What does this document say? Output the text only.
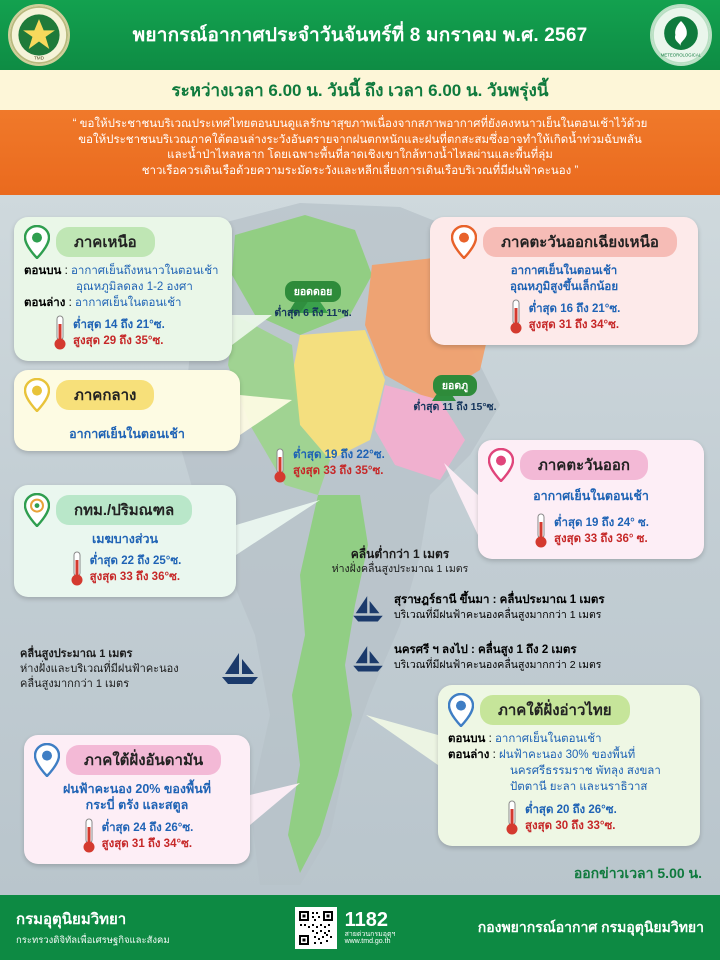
TMD
พยากรณ์อากาศประจำวันจันทร์ที่ 8 มกราคม พ.ศ. 2567
METEOROLOGICAL
ระหว่างเวลา 6.00 น. วันนี้ ถึง เวลา 6.00 น. วันพรุ่งนี้
“ ขอให้ประชาชนบริเวณประเทศไทยตอนบนดูแลรักษาสุขภาพเนื่องจากสภาพอากาศที่ยังคงหนาวเย็นในตอนเช้าไว้ด้วย
ขอให้ประชาชนบริเวณภาคใต้ตอนล่างระวังอันตรายจากฝนตกหนักและฝนที่ตกสะสมซึ่งอาจทำให้เกิดน้ำท่วมฉับพลัน
และน้ำป่าไหลหลาก โดยเฉพาะพื้นที่ลาดเชิงเขาใกล้ทางน้ำไหลผ่านและพื้นที่ลุ่ม
ชาวเรือควรเดินเรือด้วยความระมัดระวังและหลีกเลี่ยงการเดินเรือบริเวณที่มีฝนฟ้าคะนอง ”
ภาคเหนือ
ตอนบน : อากาศเย็นถึงหนาวในตอนเช้า
อุณหภูมิลดลง 1-2 องศา
ตอนล่าง : อากาศเย็นในตอนเช้า
ต่ำสุด 14 ถึง 21°ซ.
สูงสุด 29 ถึง 35°ซ.
ภาคตะวันออกเฉียงเหนือ
อากาศเย็นในตอนเช้า
อุณหภูมิสูงขึ้นเล็กน้อย
ต่ำสุด 16 ถึง 21°ซ.
สูงสุด 31 ถึง 34°ซ.
ภาคกลาง
อากาศเย็นในตอนเช้า
ต่ำสุด 19 ถึง 22°ซ.
สูงสุด 33 ถึง 35°ซ.
กทม./ปริมณฑล
เมฆบางส่วน
ต่ำสุด 22 ถึง 25°ซ.
สูงสุด 33 ถึง 36°ซ.
ภาคตะวันออก
อากาศเย็นในตอนเช้า
ต่ำสุด 19 ถึง 24° ซ.
สูงสุด 33 ถึง 36° ซ.
ภาคใต้ฝั่งอ่าวไทย
ตอนบน : อากาศเย็นในตอนเช้า
ตอนล่าง : ฝนฟ้าคะนอง 30% ของพื้นที่
นครศรีธรรมราช พัทลุง สงขลา
ปัตตานี ยะลา และนราธิวาส
ต่ำสุด 20 ถึง 26°ซ.
สูงสุด 30 ถึง 33°ซ.
ภาคใต้ฝั่งอันดามัน
ฝนฟ้าคะนอง 20% ของพื้นที่
กระบี่ ตรัง และสตูล
ต่ำสุด 24 ถึง 26°ซ.
สูงสุด 31 ถึง 34°ซ.
ยอดดอย
ต่ำสุด 6 ถึง 11°ซ.
ยอดภู
ต่ำสุด 11 ถึง 15°ซ.
คลื่นสูงประมาณ 1 เมตร
ห่างฝั่งและบริเวณที่มีฝนฟ้าคะนอง
คลื่นสูงมากกว่า 1 เมตร
คลื่นต่ำกว่า 1 เมตร
ห่างฝั่งคลื่นสูงประมาณ 1 เมตร
สุราษฎร์ธานี ขึ้นมา : คลื่นประมาณ 1 เมตร
บริเวณที่มีฝนฟ้าคะนองคลื่นสูงมากกว่า 1 เมตร
นครศรี ฯ ลงไป : คลื่นสูง 1 ถึง 2 เมตร
บริเวณที่มีฝนฟ้าคะนองคลื่นสูงมากกว่า 2 เมตร
ออกข่าวเวลา 5.00 น.
กรมอุตุนิยมวิทยา
กระทรวงดิจิทัลเพื่อเศรษฐกิจและสังคม
1182
สายด่วนกรมอุตุฯ
www.tmd.go.th
กองพยากรณ์อากาศ กรมอุตุนิยมวิทยา
